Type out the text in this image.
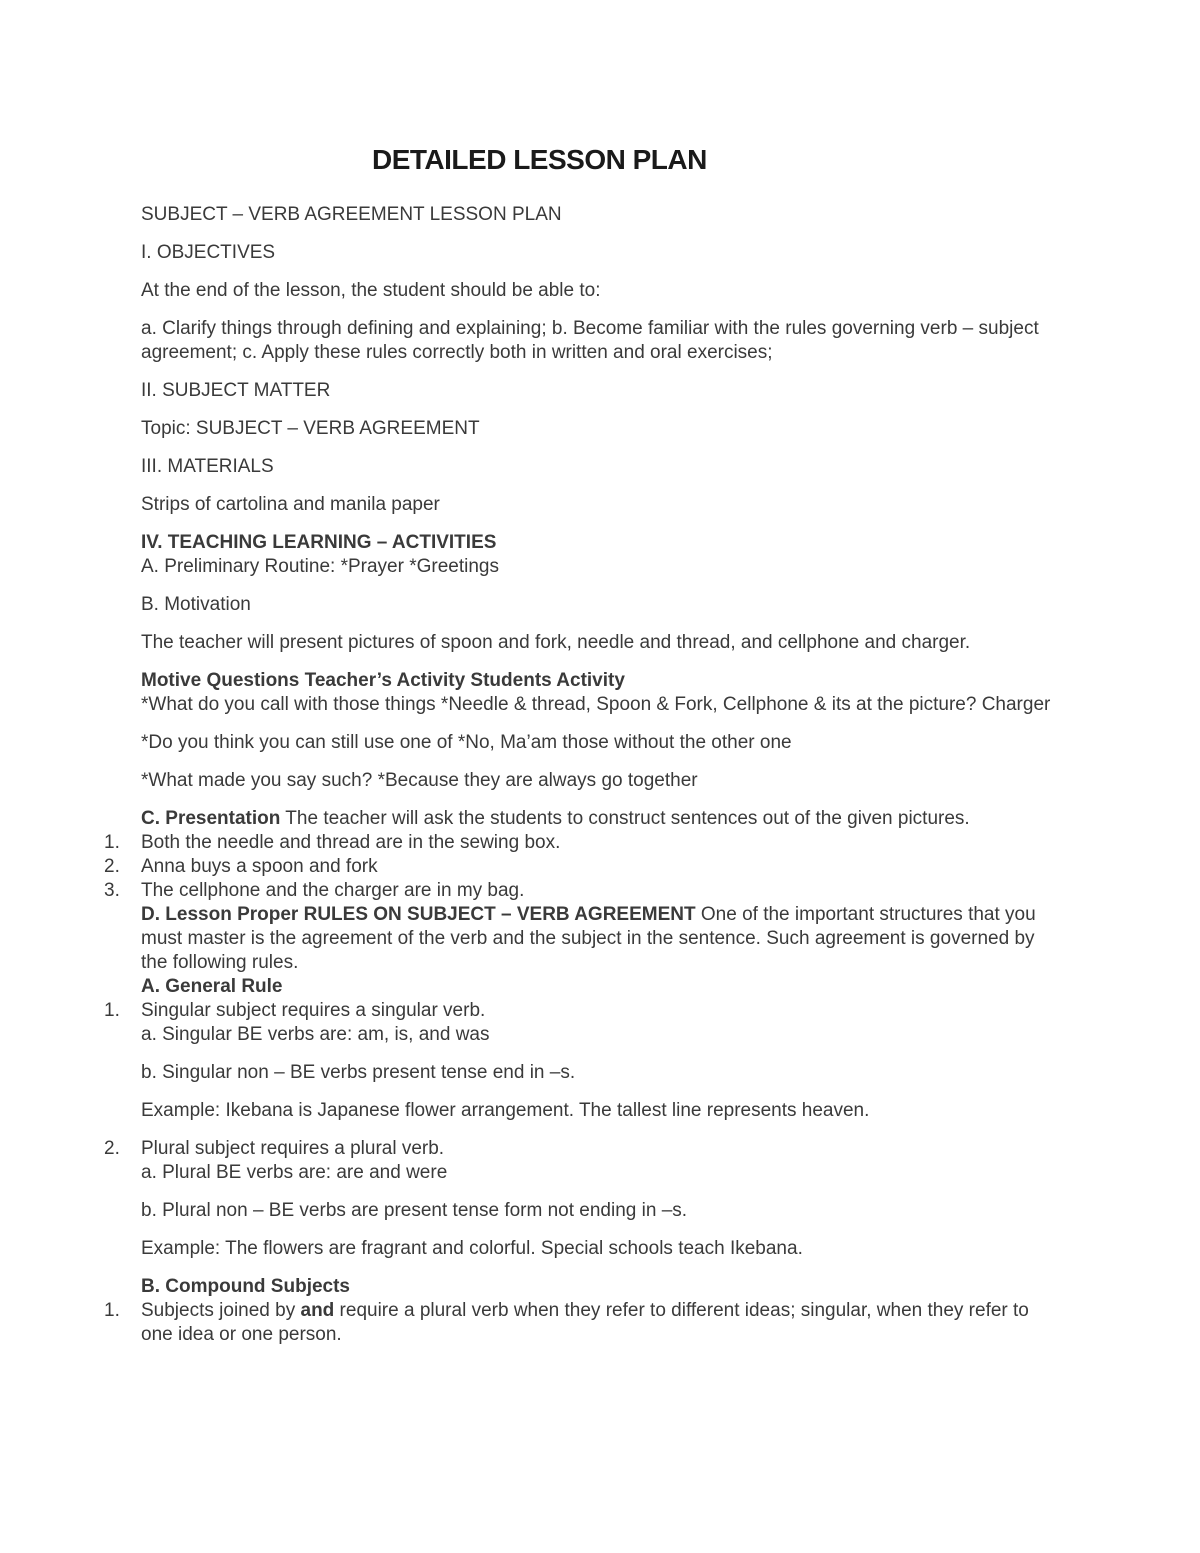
DETAILED LESSON PLAN

SUBJECT – VERB AGREEMENT LESSON PLAN

I. OBJECTIVES

At the end of the lesson, the student should be able to:

a. Clarify things through defining and explaining; b. Become familiar with the rules governing verb – subject agreement; c. Apply these rules correctly both in written and oral exercises;

II. SUBJECT MATTER

Topic: SUBJECT – VERB AGREEMENT

III. MATERIALS

Strips of cartolina and manila paper

IV. TEACHING LEARNING – ACTIVITIES

A. Preliminary Routine: *Prayer *Greetings

B. Motivation

The teacher will present pictures of spoon and fork, needle and thread, and cellphone and charger.

Motive Questions Teacher’s Activity Students Activity

*What do you call with those things *Needle & thread, Spoon & Fork, Cellphone & its at the picture? Charger

*Do you think you can still use one of *No, Ma’am those without the other one

*What made you say such? *Because they are always go together

C. Presentation The teacher will ask the students to construct sentences out of the given pictures.

1. Both the needle and thread are in the sewing box.
2. Anna buys a spoon and fork
3. The cellphone and the charger are in my bag.

D. Lesson Proper RULES ON SUBJECT – VERB AGREEMENT One of the important structures that you must master is the agreement of the verb and the subject in the sentence. Such agreement is governed by the following rules.

A. General Rule

1. Singular subject requires a singular verb.

a. Singular BE verbs are: am, is, and was

b. Singular non – BE verbs present tense end in –s.

Example: Ikebana is Japanese flower arrangement. The tallest line represents heaven.

2. Plural subject requires a plural verb.

a. Plural BE verbs are: are and were

b. Plural non – BE verbs are present tense form not ending in –s.

Example: The flowers are fragrant and colorful. Special schools teach Ikebana.

B. Compound Subjects

1. Subjects joined by and require a plural verb when they refer to different ideas; singular, when they refer to one idea or one person.
